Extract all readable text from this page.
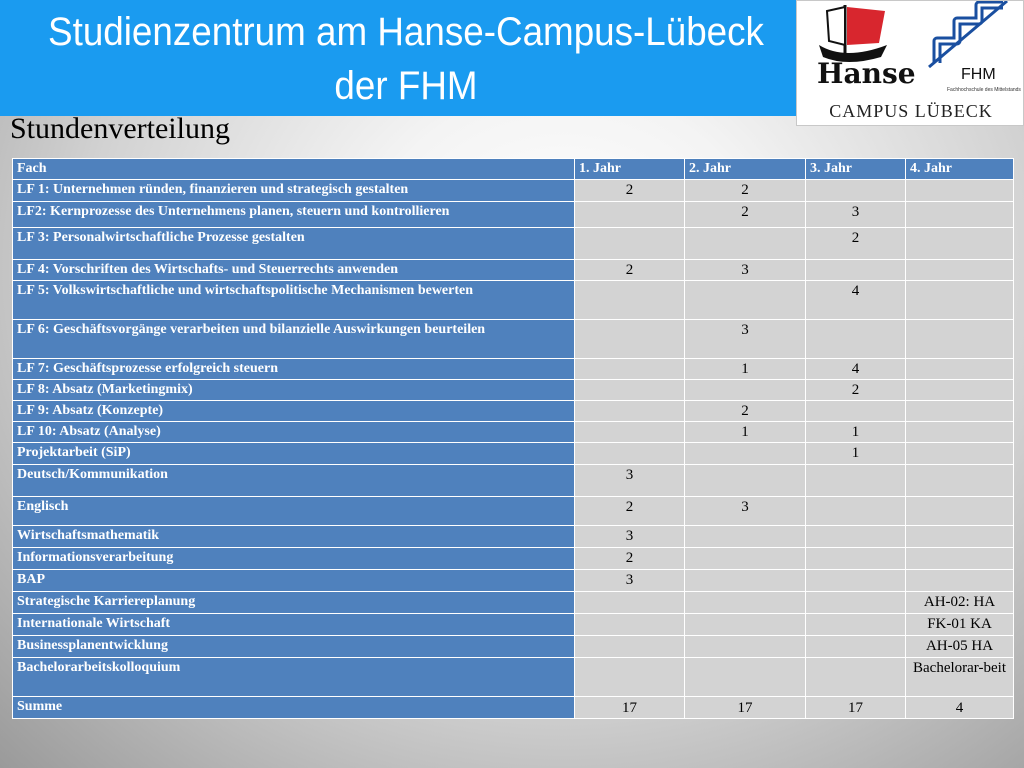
Studienzentrum am Hanse-Campus-Lübeck
der FHM	Hanse	FHM
Fachhochschule des Mittelstands
CAMPUS LÜBECK
Stundenverteilung
Fach	1. Jahr	2. Jahr	3. Jahr	4. Jahr
LF 1: Unternehmen ründen, finanzieren und strategisch gestalten	2	2		
LF2: Kernprozesse des Unternehmens planen, steuern und kontrollieren		2	3	
LF 3: Personalwirtschaftliche Prozesse gestalten			2	
LF 4: Vorschriften des Wirtschafts- und Steuerrechts anwenden	2	3		
LF 5: Volkswirtschaftliche und wirtschaftspolitische Mechanismen bewerten			4	
LF 6: Geschäftsvorgänge verarbeiten und bilanzielle Auswirkungen beurteilen		3		
LF 7: Geschäftsprozesse erfolgreich steuern		1	4	
LF 8: Absatz (Marketingmix)			2	
LF 9: Absatz (Konzepte)		2		
LF 10: Absatz (Analyse)		1	1	
Projektarbeit (SiP)			1	
Deutsch/Kommunikation	3			
Englisch	2	3		
Wirtschaftsmathematik	3			
Informationsverarbeitung	2			
BAP	3			
Strategische Karriereplanung				AH-02: HA
Internationale Wirtschaft				FK-01 KA
Businessplanentwicklung				AH-05 HA
Bachelorarbeitskolloquium				Bachelorar-beit
Summe	17	17	17	4
